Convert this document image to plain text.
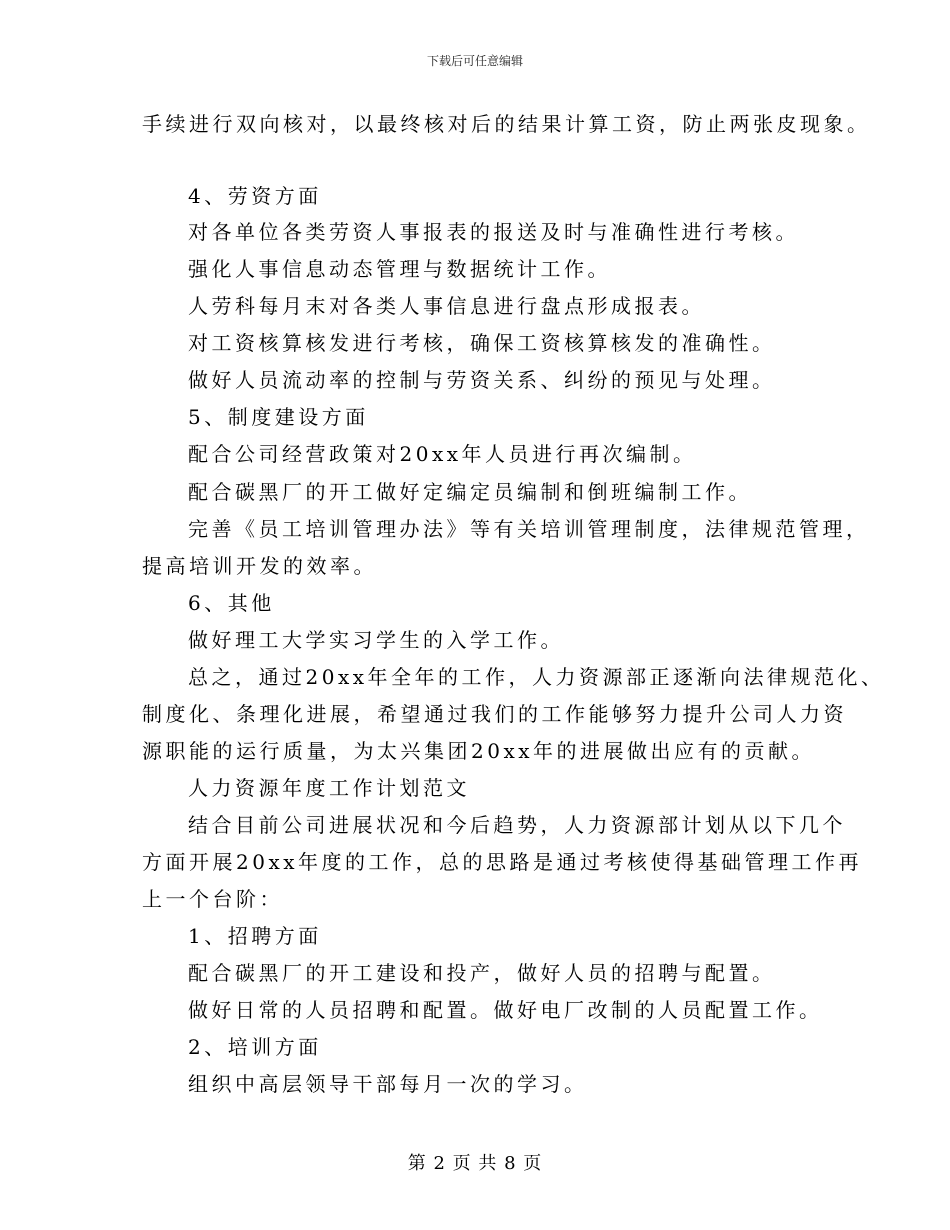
下载后可任意编辑
手续进行双向核对，以最终核对后的结果计算工资，防止两张皮现象。
4、劳资方面
对各单位各类劳资人事报表的报送及时与准确性进行考核。
强化人事信息动态管理与数据统计工作。
人劳科每月末对各类人事信息进行盘点形成报表。
对工资核算核发进行考核，确保工资核算核发的准确性。
做好人员流动率的控制与劳资关系、纠纷的预见与处理。
5、制度建设方面
配合公司经营政策对20xx年人员进行再次编制。
配合碳黑厂的开工做好定编定员编制和倒班编制工作。
完善《员工培训管理办法》等有关培训管理制度，法律规范管理，
提高培训开发的效率。
6、其他
做好理工大学实习学生的入学工作。
总之，通过20xx年全年的工作，人力资源部正逐渐向法律规范化、
制度化、条理化进展，希望通过我们的工作能够努力提升公司人力资
源职能的运行质量，为太兴集团20xx年的进展做出应有的贡献。
人力资源年度工作计划范文
结合目前公司进展状况和今后趋势，人力资源部计划从以下几个
方面开展20xx年度的工作，总的思路是通过考核使得基础管理工作再
上一个台阶：
1、招聘方面
配合碳黑厂的开工建设和投产，做好人员的招聘与配置。
做好日常的人员招聘和配置。做好电厂改制的人员配置工作。
2、培训方面
组织中高层领导干部每月一次的学习。
第 2 页 共 8 页
